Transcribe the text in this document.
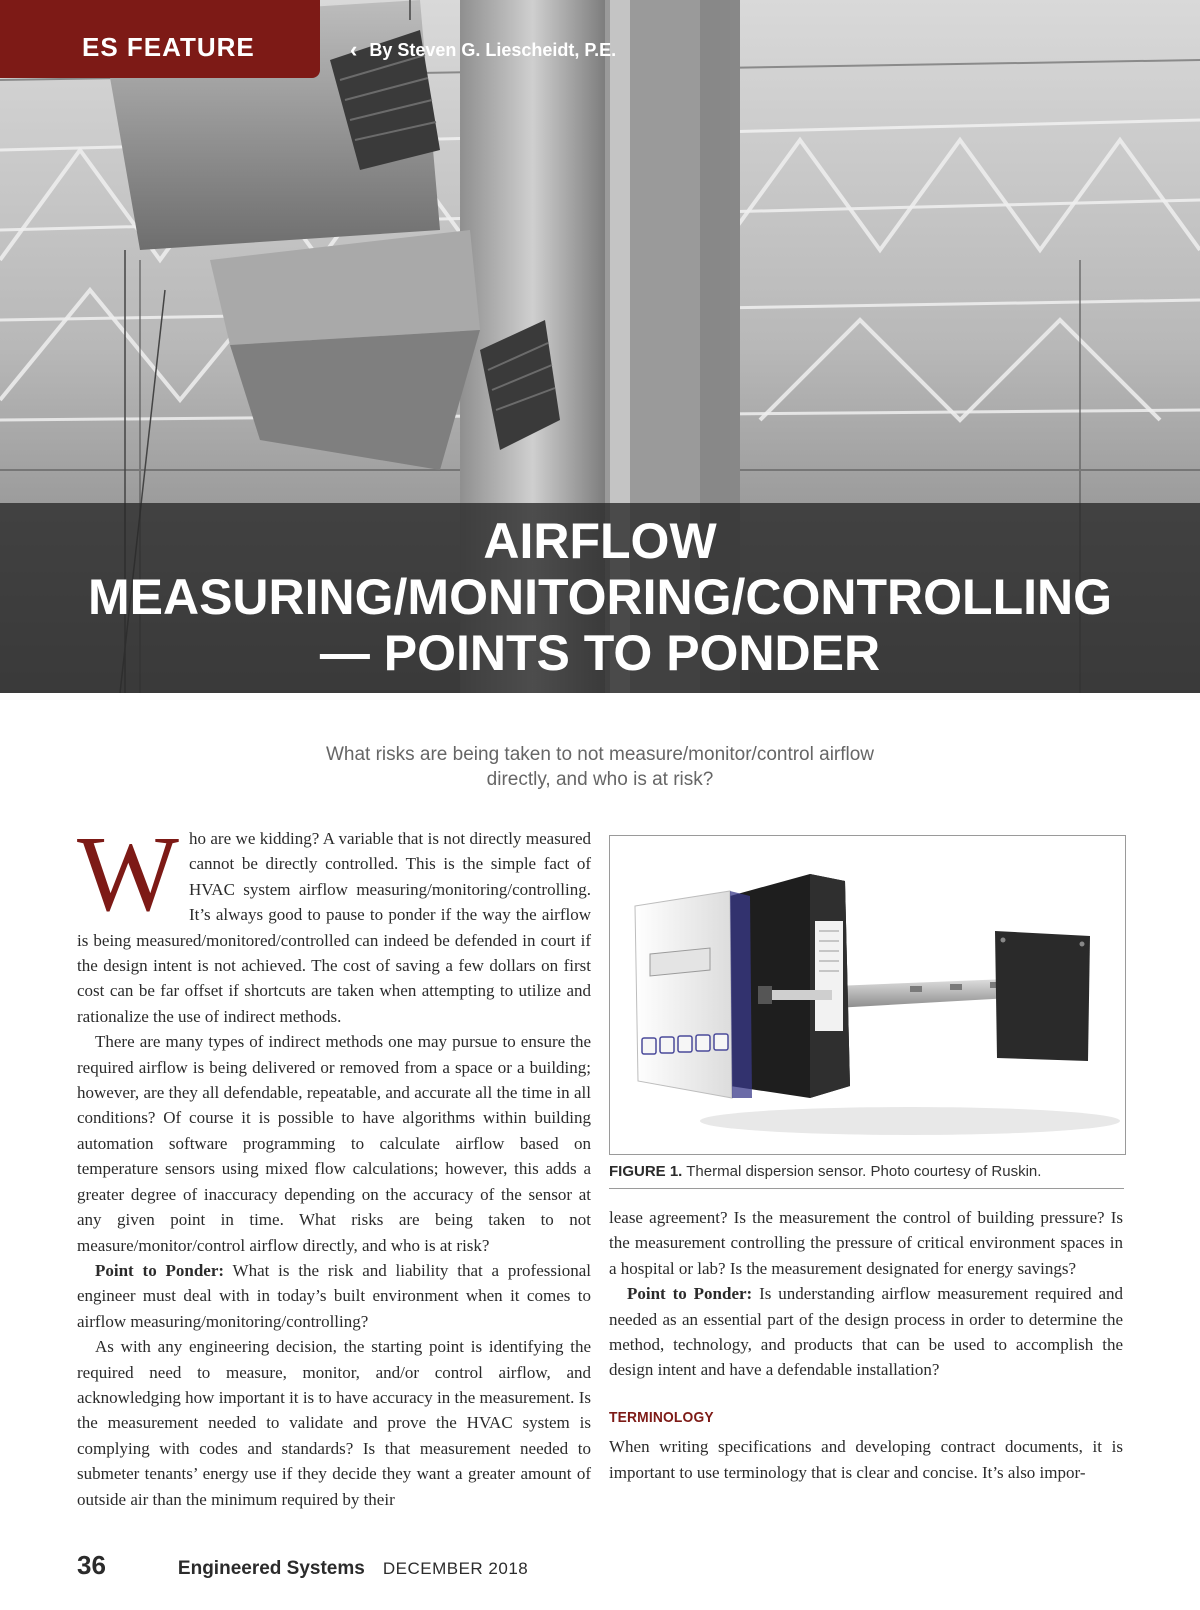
ES FEATURE	‹ By Steven G. Liescheidt, P.E.
AIRFLOW
MEASURING/MONITORING/CONTROLLING
— POINTS TO PONDER
What risks are being taken to not measure/monitor/control airflow directly, and who is at risk?

Who are we kidding? A variable that is not directly measured cannot be directly controlled. This is the simple fact of HVAC system airflow measuring/monitoring/controlling. It’s always good to pause to ponder if the way the airflow is being measured/monitored/controlled can indeed be defended in court if the design intent is not achieved. The cost of saving a few dollars on first cost can be far offset if shortcuts are taken when attempting to utilize and rationalize the use of indirect methods.

There are many types of indirect methods one may pursue to ensure the required airflow is being delivered or removed from a space or a building; however, are they all defendable, repeatable, and accurate all the time in all conditions? Of course it is possible to have algorithms within building automation software programming to calculate airflow based on temperature sensors using mixed flow calculations; however, this adds a greater degree of inaccuracy depending on the accuracy of the sensor at any given point in time. What risks are being taken to not measure/monitor/control airflow directly, and who is at risk?

Point to Ponder: What is the risk and liability that a professional engineer must deal with in today’s built environment when it comes to airflow measuring/monitoring/controlling?

As with any engineering decision, the starting point is identifying the required need to measure, monitor, and/or control airflow, and acknowledging how important it is to have accuracy in the measurement. Is the measurement needed to validate and prove the HVAC system is complying with codes and standards? Is that measurement needed to submeter tenants’ energy use if they decide they want a greater amount of outside air than the minimum required by their

FIGURE 1. Thermal dispersion sensor. Photo courtesy of Ruskin.

lease agreement? Is the measurement the control of building pressure? Is the measurement controlling the pressure of critical environment spaces in a hospital or lab? Is the measurement designated for energy savings?

Point to Ponder: Is understanding airflow measurement required and needed as an essential part of the design process in order to determine the method, technology, and products that can be used to accomplish the design intent and have a defendable installation?

TERMINOLOGY

When writing specifications and developing contract documents, it is important to use terminology that is clear and concise. It’s also impor-

36	Engineered Systems DECEMBER 2018
